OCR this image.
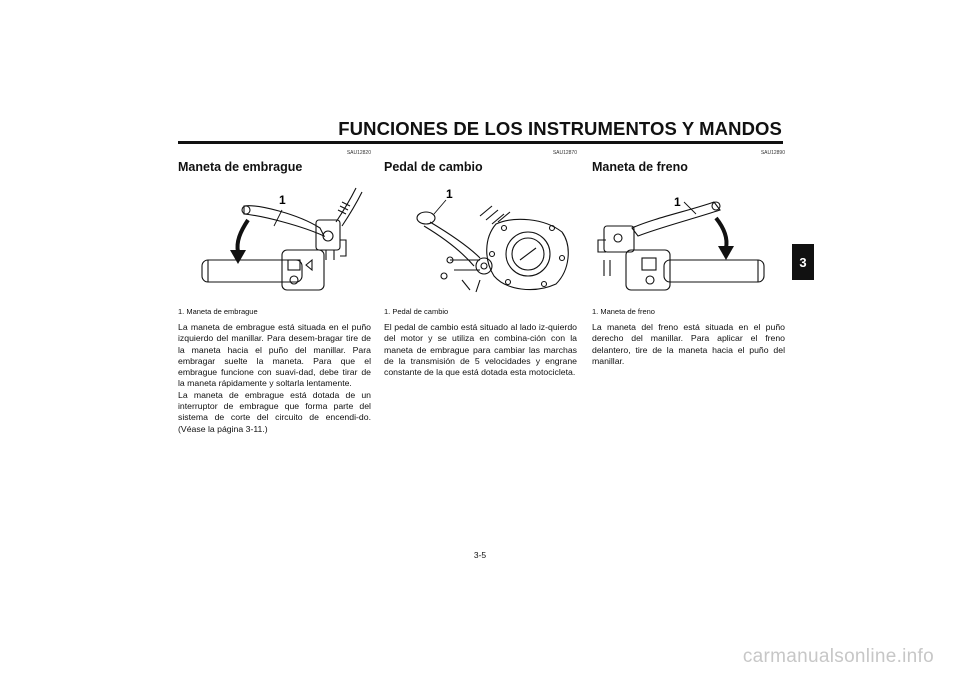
FUNCIONES DE LOS INSTRUMENTOS Y MANDOS
3
SAU12820
Maneta de embrague
1
1. Maneta de embrague

La maneta de embrague está situada en el puño izquierdo del manillar. Para desem-bragar tire de la maneta hacia el puño del manillar. Para embragar suelte la maneta. Para que el embrague funcione con suavi-dad, debe tirar de la maneta rápidamente y soltarla lentamente.

La maneta de embrague está dotada de un interruptor de embrague que forma parte del sistema de corte del circuito de encendi-do. (Véase la página 3-11.)

SAU12870
Pedal de cambio
1
1. Pedal de cambio

El pedal de cambio está situado al lado iz-quierdo del motor y se utiliza en combina-ción con la maneta de embrague para cambiar las marchas de la transmisión de 5 velocidades y engrane constante de la que está dotada esta motocicleta.

SAU12890
Maneta de freno
1
1. Maneta de freno

La maneta del freno está situada en el puño derecho del manillar. Para aplicar el freno delantero, tire de la maneta hacia el puño del manillar.

3-5
carmanualsonline.info
